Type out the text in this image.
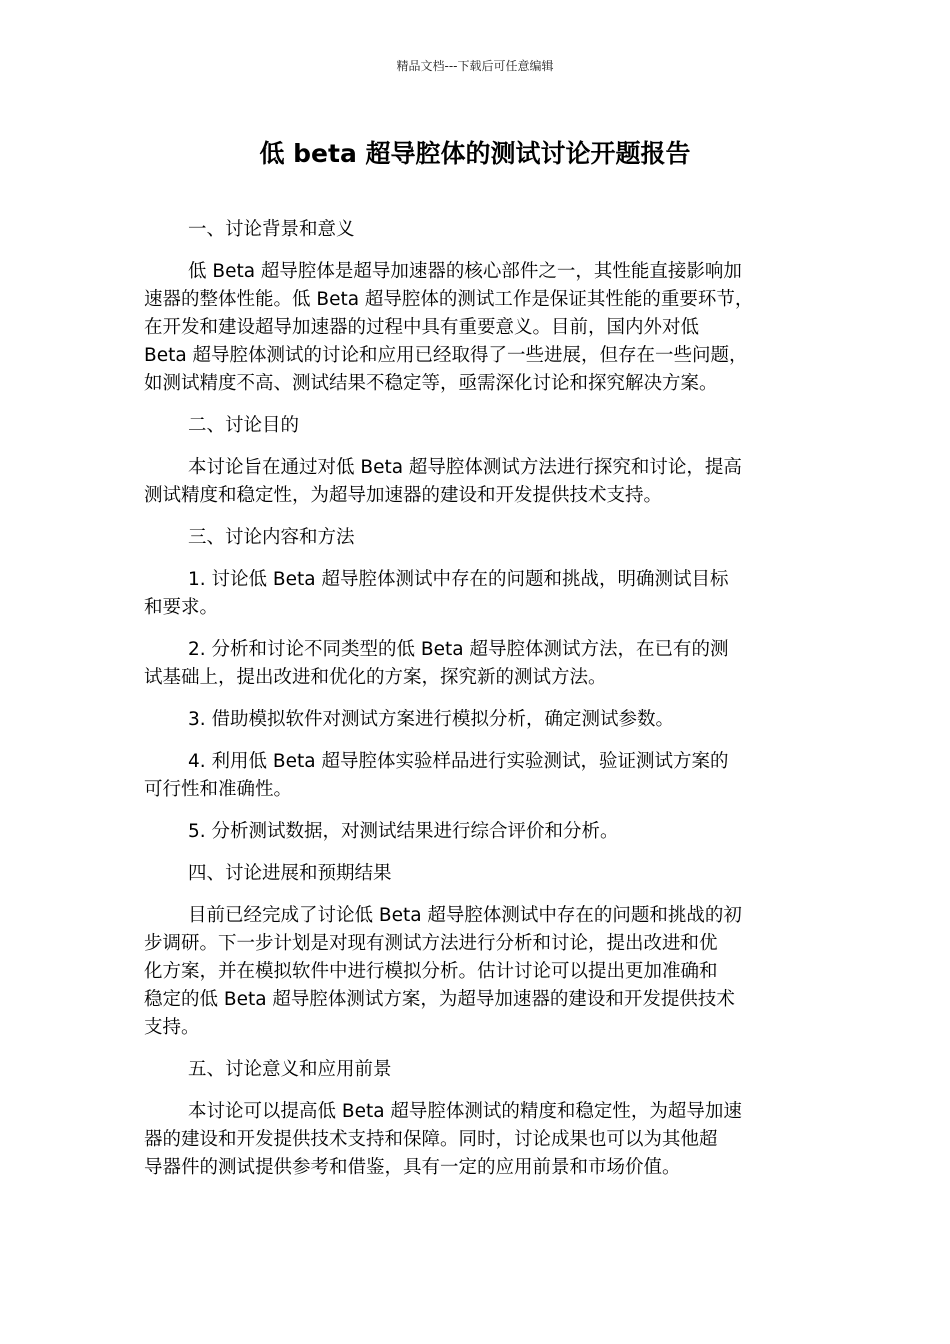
精品文档---下载后可任意编辑
低 beta 超导腔体的测试讨论开题报告

一、讨论背景和意义

低 Beta 超导腔体是超导加速器的核心部件之一，其性能直接影响加
速器的整体性能。低 Beta 超导腔体的测试工作是保证其性能的重要环节，
在开发和建设超导加速器的过程中具有重要意义。目前，国内外对低
Beta 超导腔体测试的讨论和应用已经取得了一些进展，但存在一些问题，
如测试精度不高、测试结果不稳定等，亟需深化讨论和探究解决方案。

二、讨论目的

本讨论旨在通过对低 Beta 超导腔体测试方法进行探究和讨论，提高
测试精度和稳定性，为超导加速器的建设和开发提供技术支持。

三、讨论内容和方法

1. 讨论低 Beta 超导腔体测试中存在的问题和挑战，明确测试目标
和要求。

2. 分析和讨论不同类型的低 Beta 超导腔体测试方法，在已有的测
试基础上，提出改进和优化的方案，探究新的测试方法。

3. 借助模拟软件对测试方案进行模拟分析，确定测试参数。

4. 利用低 Beta 超导腔体实验样品进行实验测试，验证测试方案的
可行性和准确性。

5. 分析测试数据，对测试结果进行综合评价和分析。

四、讨论进展和预期结果

目前已经完成了讨论低 Beta 超导腔体测试中存在的问题和挑战的初
步调研。下一步计划是对现有测试方法进行分析和讨论，提出改进和优
化方案，并在模拟软件中进行模拟分析。估计讨论可以提出更加准确和
稳定的低 Beta 超导腔体测试方案，为超导加速器的建设和开发提供技术
支持。

五、讨论意义和应用前景

本讨论可以提高低 Beta 超导腔体测试的精度和稳定性，为超导加速
器的建设和开发提供技术支持和保障。同时，讨论成果也可以为其他超
导器件的测试提供参考和借鉴，具有一定的应用前景和市场价值。
